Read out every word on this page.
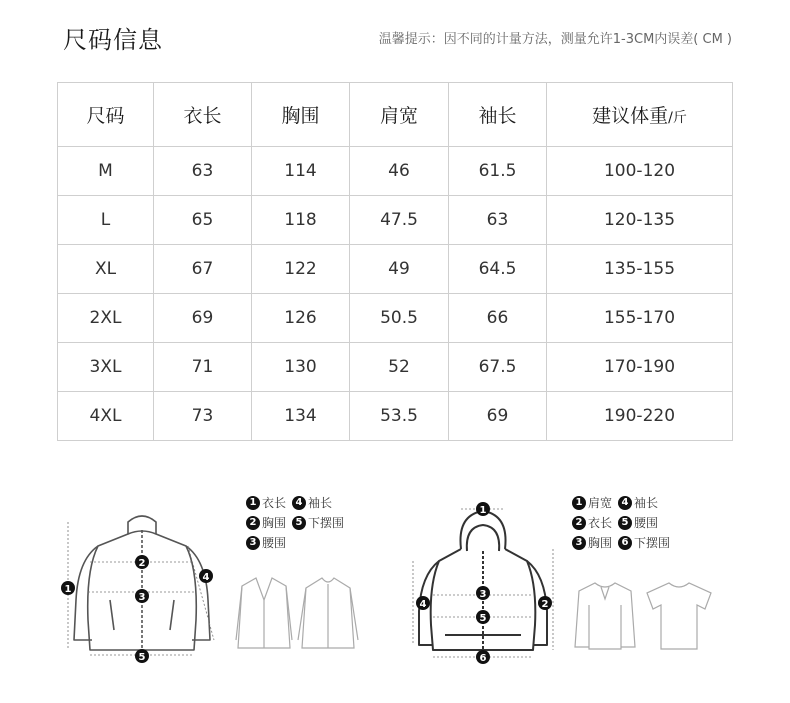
尺码信息	温馨提示：因不同的计量方法，测量允许1-3CM内误差( CM )
尺码	衣长	胸围	肩宽	袖长	建议体重/斤
M	63	114	46	61.5	100-120
L	65	118	47.5	63	120-135
XL	67	122	49	64.5	135-155
2XL	69	126	50.5	66	155-170
3XL	71	130	52	67.5	170-190
4XL	73	134	53.5	69	190-220
1
2
3
4
5
1 衣长 4 袖长
2 胸围 5 下摆围
3 腰围
1
2
3
4
5
6
1 肩宽 4 袖长
2 衣长 5 腰围
3 胸围 6 下摆围
